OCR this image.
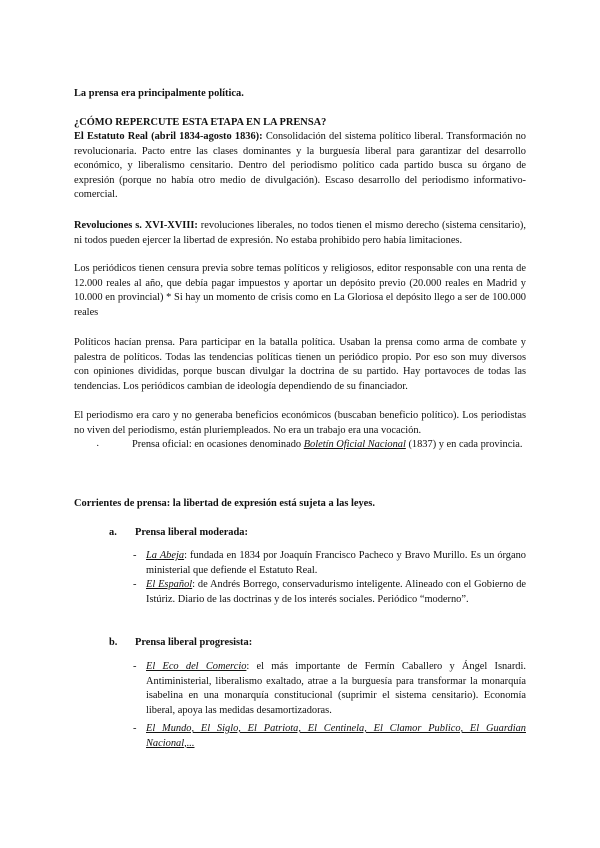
La prensa era principalmente política.

¿CÓMO REPERCUTE ESTA ETAPA EN LA PRENSA?

El Estatuto Real (abril 1834-agosto 1836): Consolidación del sistema político liberal. Transformación no revolucionaria. Pacto entre las clases dominantes y la burguesía liberal para garantizar del desarrollo económico, y liberalismo censitario. Dentro del periodismo político cada partido busca su órgano de expresión (porque no había otro medio de divulgación). Escaso desarrollo del periodismo informativo-comercial.

Revoluciones s. XVI-XVIII: revoluciones liberales, no todos tienen el mismo derecho (sistema censitario), ni todos pueden ejercer la libertad de expresión. No estaba prohibido pero había limitaciones.

Los periódicos tienen censura previa sobre temas políticos y religiosos, editor responsable con una renta de 12.000 reales al año, que debía pagar impuestos y aportar un depósito previo (20.000 reales en Madrid y 10.000 en provincial) * Si hay un momento de crisis como en La Gloriosa el depósito llego a ser de 100.000 reales

Políticos hacían prensa. Para participar en la batalla política. Usaban la prensa como arma de combate y palestra de políticos. Todas las tendencias políticas tienen un periódico propio. Por eso son muy diversos con opiniones divididas, porque buscan divulgar la doctrina de su partido. Hay portavoces de todas las tendencias. Los periódicos cambian de ideología dependiendo de su financiador.

El periodismo era caro y no generaba beneficios económicos (buscaban beneficio político). Los periodistas no viven del periodismo, están pluriempleados. No era un trabajo era una vocación.

·	Prensa oficial: en ocasiones denominado Boletín Oficial Nacional (1837) y en cada provincia.

Corrientes de prensa: la libertad de expresión está sujeta a las leyes.

a. Prensa liberal moderada:

- La Abeja: fundada en 1834 por Joaquín Francisco Pacheco y Bravo Murillo. Es un órgano ministerial que defiende el Estatuto Real.

- El Español: de Andrés Borrego, conservadurismo inteligente. Alineado con el Gobierno de Istúriz. Diario de las doctrinas y de los interés sociales. Periódico “moderno”.

b. Prensa liberal progresista:

- El Eco del Comercio: el más importante de Fermín Caballero y Ángel Isnardi. Antiministerial, liberalismo exaltado, atrae a la burguesía para transformar la monarquía isabelina en una monarquía constitucional (suprimir el sistema censitario). Economía liberal, apoya las medidas desamortizadoras.

- El Mundo, El Siglo, El Patriota, El Centinela, El Clamor Publico, El Guardian Nacional,...
